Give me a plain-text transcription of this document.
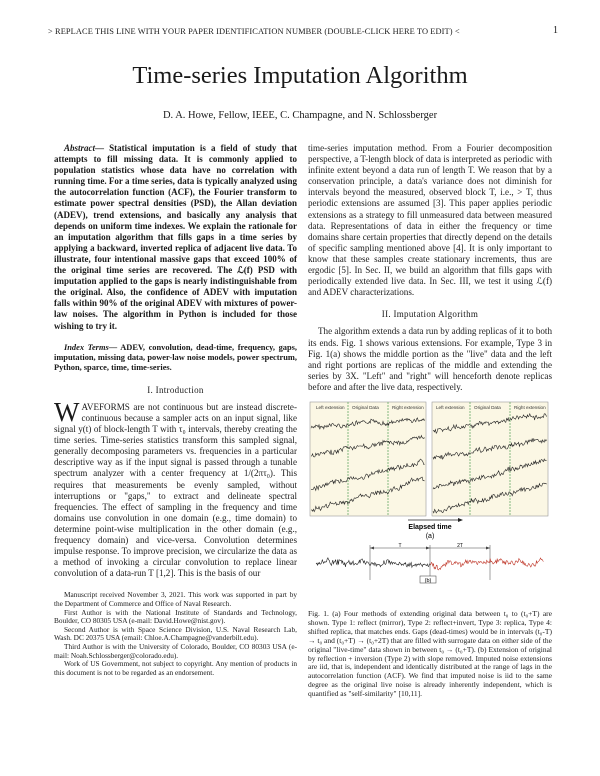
> REPLACE THIS LINE WITH YOUR PAPER IDENTIFICATION NUMBER (DOUBLE-CLICK HERE TO EDIT) <	1
Time-series Imputation Algorithm
D. A. Howe, Fellow, IEEE, C. Champagne, and N. Schlossberger

Abstract— Statistical imputation is a field of study that attempts to fill missing data. It is commonly applied to population statistics whose data have no correlation with running time. For a time series, data is typically analyzed using the autocorrelation function (ACF), the Fourier transform to estimate power spectral densities (PSD), the Allan deviation (ADEV), trend extensions, and basically any analysis that depends on uniform time indexes. We explain the rationale for an imputation algorithm that fills gaps in a time series by applying a backward, inverted replica of adjacent live data. To illustrate, four intentional massive gaps that exceed 100% of the original time series are recovered. The ℒ(f) PSD with imputation applied to the gaps is nearly indistinguishable from the original. Also, the confidence of ADEV with imputation falls within 90% of the original ADEV with mixtures of power-law noises. The algorithm in Python is included for those wishing to try it.

Index Terms— ADEV, convolution, dead-time, frequency, gaps, imputation, missing data, power-law noise models, power spectrum, Python, sparce, time, time-series.

I. Introduction

WAVEFORMS are not continuous but are instead discrete-continuous because a sampler acts on an input signal, like signal y(t) of block-length T with τ₀ intervals, thereby creating the time series. Time-series statistics transform this sampled signal, generally decomposing parameters vs. frequencies in a particular descriptive way as if the input signal is passed through a tunable spectrum analyzer with a center frequency at 1/(2πτ₀). This requires that measurements be evenly sampled, without interruptions or "gaps," to extract and delineate spectral frequencies. The effect of sampling in the frequency and time domains use convolution in one domain (e.g., time domain) to determine point-wise multiplication in the other domain (e.g., frequency domain) and vice-versa. Convolution determines impulse response. To improve precision, we circularize the data as a method of invoking a circular convolution to replace linear convolution of a data-run T [1,2]. This is the basis of our

Manuscript received November 3, 2021. This work was supported in part by the Department of Commerce and Office of Naval Research.

First Author is with the National Institute of Standards and Technology, Boulder, CO 80305 USA (e-mail: David.Howe@nist.gov).

Second Author is with Space Science Division, U.S. Naval Research Lab, Wash. DC 20375 USA (email: Chloe.A.Champagne@vanderbilt.edu).

Third Author is with the University of Colorado, Boulder, CO 80303 USA (e-mail: Noah.Schlossberger@colorado.edu).

Work of US Government, not subject to copyright. Any mention of products in this document is not to be regarded as an endorsement.

time-series imputation method. From a Fourier decomposition perspective, a T-length block of data is interpreted as periodic with infinite extent beyond a data run of length T. We reason that by a conservation principle, a data's variance does not diminish for intervals beyond the measured, observed block T, i.e., > T, thus periodic extensions are assumed [3]. This paper applies periodic extensions as a strategy to fill unmeasured data between measured data. Representations of data in either the frequency or time domains share certain properties that directly depend on the details of specific sampling mentioned above [4]. It is only important to know that these samples create stationary increments, thus are ergodic [5]. In Sec. II, we build an algorithm that fills gaps with periodically extended live data. In Sec. III, we test it using ℒ(f) and ADEV characterizations.

II. Imputation Algorithm

The algorithm extends a data run by adding replicas of it to both its ends. Fig. 1 shows various extensions. For example, Type 3 in Fig. 1(a) shows the middle portion as the "live" data and the left and right portions are replicas of the middle and extending the series by 3X. "Left" and "right" will henceforth denote replicas before and after the live data, respectively.

Left extension Original Data	Right extension	Left extension Original Data	Right extension
Elapsed time
(a)
T	2T
(b)

Fig. 1. (a) Four methods of extending original data between t₀ to (t₀+T) are shown. Type 1: reflect (mirror), Type 2: reflect+invert, Type 3: replica, Type 4: shifted replica, that matches ends. Gaps (dead-times) would be in intervals (t₀-T) → t₀ and (t₀+T) → (t₀+2T) that are filled with surrogate data on either side of the original "live-time" data shown in between t₀ → (t₀+T). (b) Extension of original by reflection + inversion (Type 2) with slope removed. Imputed noise extensions are iid, that is, independent and identically distributed at the range of lags in the autocorrelation function (ACF). We find that imputed noise is iid to the same degree as the original live noise is already inherently independent, which is quantified as "self-similarity" [10,11].
